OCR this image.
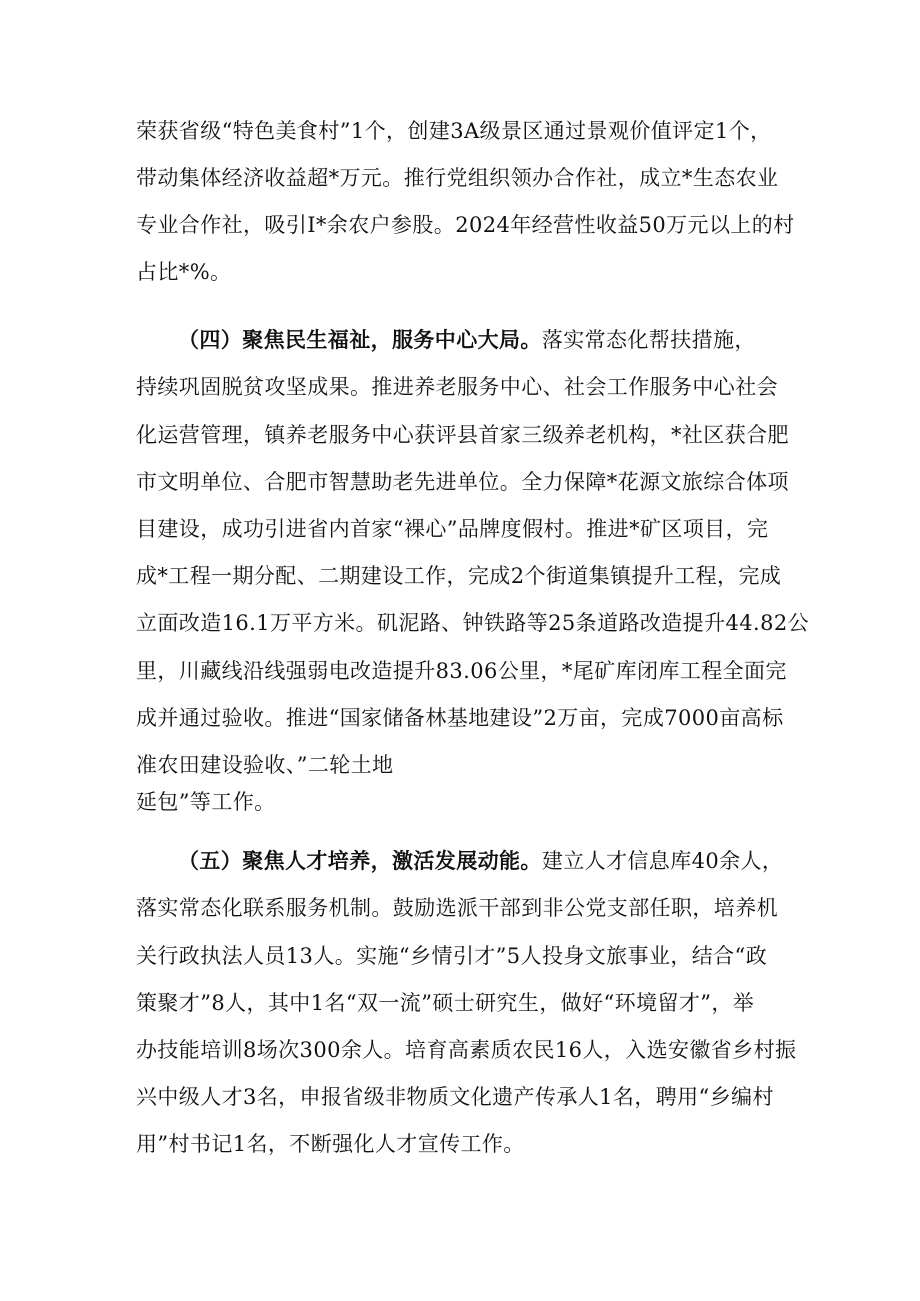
荣获省级“特色美食村”1个，创建3A级景区通过景观价值评定1个，
带动集体经济收益超*万元。推行党组织领办合作社，成立*生态农业
专业合作社，吸引I*余农户参股。2024年经营性收益50万元以上的村
占比*%。
（四）聚焦民生福祉，服务中心大局。落实常态化帮扶措施，
持续巩固脱贫攻坚成果。推进养老服务中心、社会工作服务中心社会
化运营管理，镇养老服务中心获评县首家三级养老机构，*社区获合肥
市文明单位、合肥市智慧助老先进单位。全力保障*花源文旅综合体项
目建设，成功引进省内首家“裸心”品牌度假村。推进*矿区项目，完
成*工程一期分配、二期建设工作，完成2个街道集镇提升工程，完成
立面改造16.1万平方米。矶泥路、钟铁路等25条道路改造提升44.82公
里，川藏线沿线强弱电改造提升83.06公里，*尾矿库闭库工程全面完
成并通过验收。推进“国家储备林基地建设”2万亩，完成7000亩高标
准农田建设验收、”二轮土地
延包”等工作。
（五）聚焦人才培养，激活发展动能。建立人才信息库40余人，
落实常态化联系服务机制。鼓励选派干部到非公党支部任职，培养机
关行政执法人员13人。实施“乡情引才”5人投身文旅事业，结合“政
策聚才”8人，其中1名“双一流”硕士研究生，做好“环境留才”，举
办技能培训8场次300余人。培育高素质农民16人，入选安徽省乡村振
兴中级人才3名，申报省级非物质文化遗产传承人1名，聘用“乡编村
用”村书记1名，不断强化人才宣传工作。
